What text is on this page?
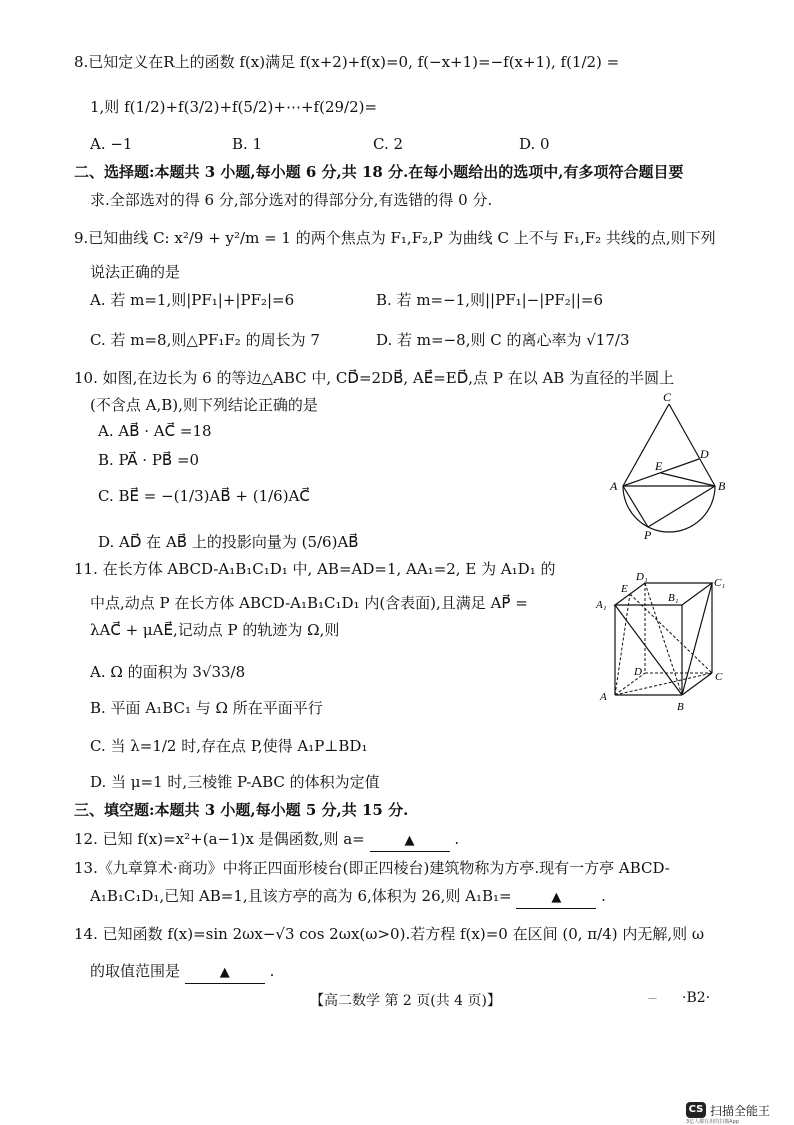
8.已知定义在R上的函数 f(x)满足 f(x+2)+f(x)=0, f(−x+1)=−f(x+1), f(1/2) =
1,则 f(1/2)+f(3/2)+f(5/2)+⋯+f(29/2)=
A. −1	B. 1	C. 2	D. 0
二、选择题:本题共 3 小题,每小题 6 分,共 18 分.在每小题给出的选项中,有多项符合题目要
求.全部选对的得 6 分,部分选对的得部分分,有选错的得 0 分.
9.已知曲线 C: x²/9 + y²/m = 1 的两个焦点为 F₁,F₂,P 为曲线 C 上不与 F₁,F₂ 共线的点,则下列
说法正确的是
A. 若 m=1,则|PF₁|+|PF₂|=6	B. 若 m=−1,则||PF₁|−|PF₂||=6
C. 若 m=8,则△PF₁F₂ 的周长为 7	D. 若 m=−8,则 C 的离心率为 √17/3
10. 如图,在边长为 6 的等边△ABC 中, CD⃗=2DB⃗, AE⃗=ED⃗,点 P 在以 AB 为直径的半圆上
(不含点 A,B),则下列结论正确的是
A. AB⃗ · AC⃗ =18
B. PA⃗ · PB⃗ =0
C. BE⃗ = −(1/3)AB⃗ + (1/6)AC⃗
D. AD⃗ 在 AB⃗ 上的投影向量为 (5/6)AB⃗
C
E
D
A	B
P
11. 在长方体 ABCD-A₁B₁C₁D₁ 中, AB=AD=1, AA₁=2, E 为 A₁D₁ 的
中点,动点 P 在长方体 ABCD-A₁B₁C₁D₁ 内(含表面),且满足 AP⃗ =
λAC⃗ + μAE⃗,记动点 P 的轨迹为 Ω,则
A. Ω 的面积为 3√33/8
B. 平面 A₁BC₁ 与 Ω 所在平面平行
C. 当 λ=1/2 时,存在点 P,使得 A₁P⊥BD₁
D. 当 μ=1 时,三棱锥 P-ABC 的体积为定值
D₁	C₁
E
A₁
B₁
D	C
A
B
三、填空题:本题共 3 小题,每小题 5 分,共 15 分.
12. 已知 f(x)=x²+(a−1)x 是偶函数,则 a=	▲	.
13.《九章算术·商功》中将正四面形棱台(即正四棱台)建筑物称为方亭.现有一方亭 ABCD-
A₁B₁C₁D₁,已知 AB=1,且该方亭的高为 6,体积为 26,则 A₁B₁=	▲	.
14. 已知函数 f(x)=sin 2ωx−√3 cos 2ωx(ω>0).若方程 f(x)=0 在区间 (0, π/4) 内无解,则 ω
的取值范围是	▲	.
【高二数学 第 2 页(共 4 页)】	— ·B2·
CS 扫描全能王
3亿人都在用的扫描App
